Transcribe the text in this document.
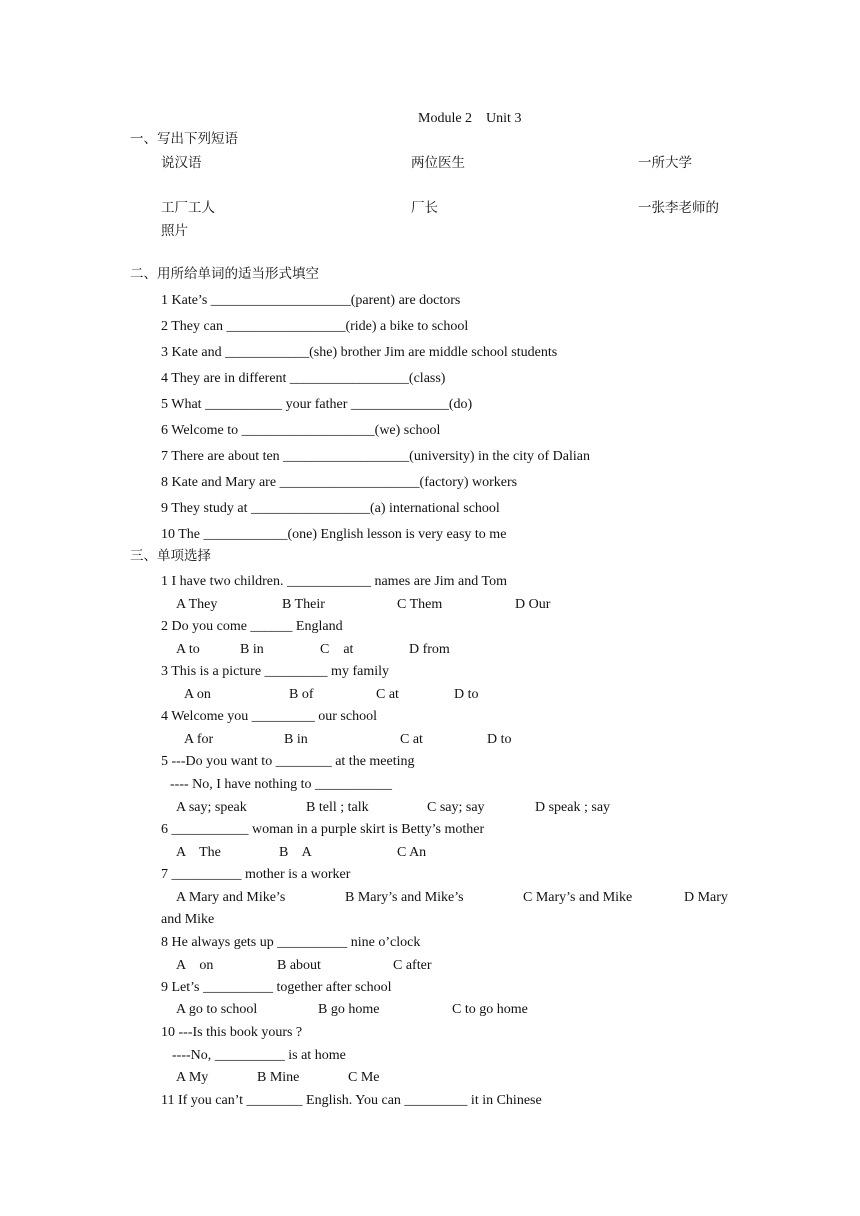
Module 2    Unit 3
一、写出下列短语
说汉语	两位医生	一所大学
工厂工人	厂长	一张李老师的
照片
二、用所给单词的适当形式填空
1 Kate’s ____________________(parent) are doctors
2 They can _________________(ride) a bike to school
3 Kate and ____________(she) brother Jim are middle school students
4 They are in different _________________(class)
5 What ___________ your father ______________(do)
6 Welcome to ___________________(we) school
7 There are about ten __________________(university) in the city of Dalian
8 Kate and Mary are ____________________(factory) workers
9 They study at _________________(a) international school
10 The ____________(one) English lesson is very easy to me
三、单项选择
1 I have two children. ____________ names are Jim and Tom
A They	B Their	C Them	D Our
2 Do you come ______ England
A to	B in	C    at	D from
3 This is a picture _________ my family
A on	B of	C at	D to
4 Welcome you _________ our school
A for	B in	C at	D to
5 ---Do you want to ________ at the meeting
---- No, I have nothing to ___________
A say; speak	B tell ; talk	C say; say	D speak ; say
6 ___________ woman in a purple skirt is Betty’s mother
A    The	B    A	C An
7 __________ mother is a worker
A Mary and Mike’s	B Mary’s and Mike’s	C Mary’s and Mike	D Mary
and Mike
8 He always gets up __________ nine o’clock
A    on	B about	C after
9 Let’s __________ together after school
A go to school	B go home	C to go home
10 ---Is this book yours ?
----No, __________ is at home
A My	B Mine	C Me
11 If you can’t ________ English. You can _________ it in Chinese
